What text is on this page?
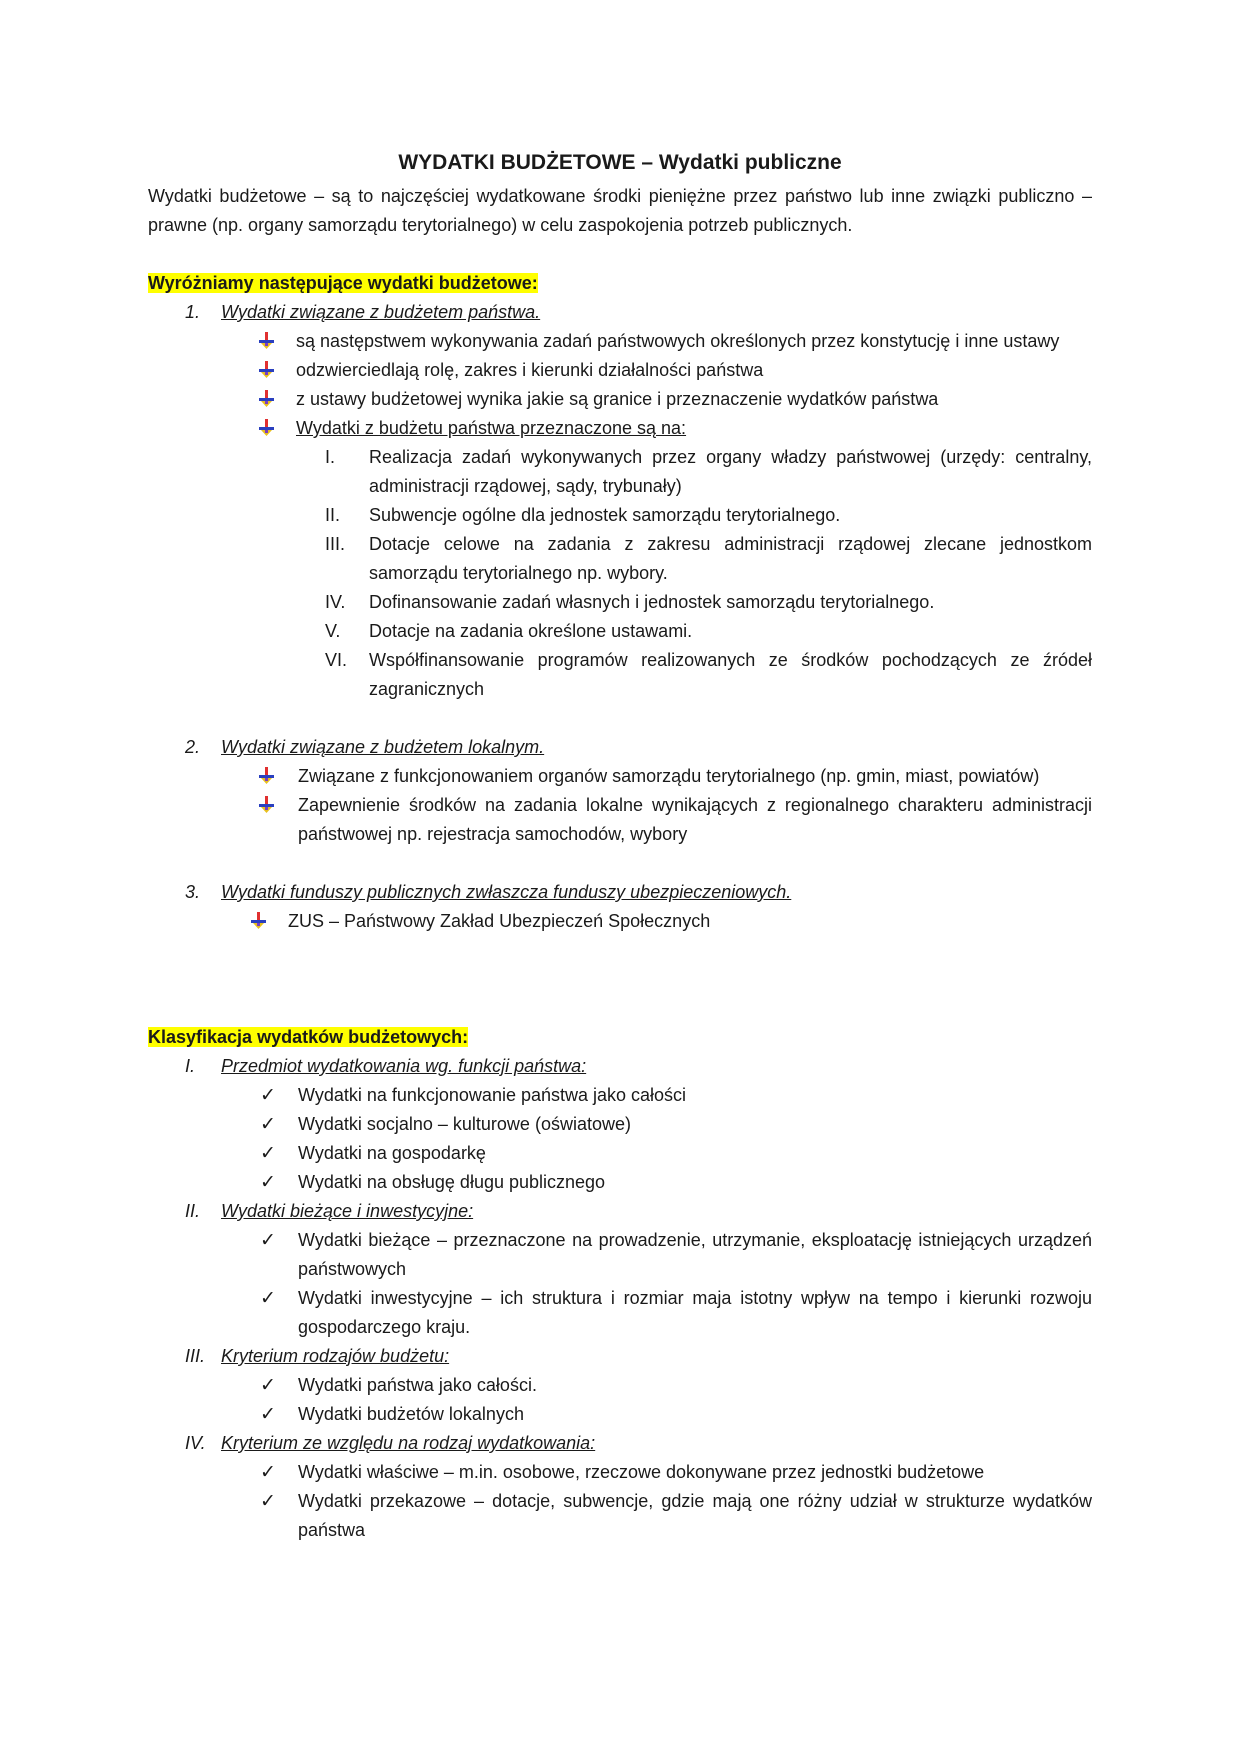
WYDATKI BUDŻETOWE – Wydatki publiczne

Wydatki budżetowe – są to najczęściej wydatkowane środki pieniężne przez państwo lub inne związki publiczno – prawne (np. organy samorządu terytorialnego) w celu zaspokojenia potrzeb publicznych.

Wyróżniamy następujące wydatki budżetowe:
1.	Wydatki związane z budżetem państwa.
są następstwem wykonywania zadań państwowych określonych przez konstytucję i inne ustawy
odzwierciedlają rolę, zakres i kierunki działalności państwa
z ustawy budżetowej wynika jakie są granice i przeznaczenie wydatków państwa
Wydatki z budżetu państwa przeznaczone są na:
I. Realizacja zadań wykonywanych przez organy władzy państwowej (urzędy: centralny, administracji rządowej, sądy, trybunały)
II. Subwencje ogólne dla jednostek samorządu terytorialnego.
III. Dotacje celowe na zadania z zakresu administracji rządowej zlecane jednostkom samorządu terytorialnego np. wybory.
IV. Dofinansowanie zadań własnych i jednostek samorządu terytorialnego.
V. Dotacje na zadania określone ustawami.
VI. Współfinansowanie programów realizowanych ze środków pochodzących ze źródeł zagranicznych
2.	Wydatki związane z budżetem lokalnym.
Związane z funkcjonowaniem organów samorządu terytorialnego (np. gmin, miast, powiatów)
Zapewnienie środków na zadania lokalne wynikających z regionalnego charakteru administracji państwowej np. rejestracja samochodów, wybory
3.	Wydatki funduszy publicznych zwłaszcza funduszy ubezpieczeniowych.
ZUS – Państwowy Zakład Ubezpieczeń Społecznych
Klasyfikacja wydatków budżetowych:
I.	Przedmiot wydatkowania wg. funkcji państwa:
✓ Wydatki na funkcjonowanie państwa jako całości
✓ Wydatki socjalno – kulturowe (oświatowe)
✓ Wydatki na gospodarkę
✓ Wydatki na obsługę długu publicznego
II.	Wydatki bieżące i inwestycyjne:
✓ Wydatki bieżące – przeznaczone na prowadzenie, utrzymanie, eksploatację istniejących urządzeń państwowych
✓ Wydatki inwestycyjne – ich struktura i rozmiar maja istotny wpływ na tempo i kierunki rozwoju gospodarczego kraju.
III. Kryterium rodzajów budżetu:
✓ Wydatki państwa jako całości.
✓ Wydatki budżetów lokalnych
IV. Kryterium ze względu na rodzaj wydatkowania:
✓ Wydatki właściwe – m.in. osobowe, rzeczowe dokonywane przez jednostki budżetowe
✓ Wydatki przekazowe – dotacje, subwencje, gdzie mają one różny udział w strukturze wydatków państwa
